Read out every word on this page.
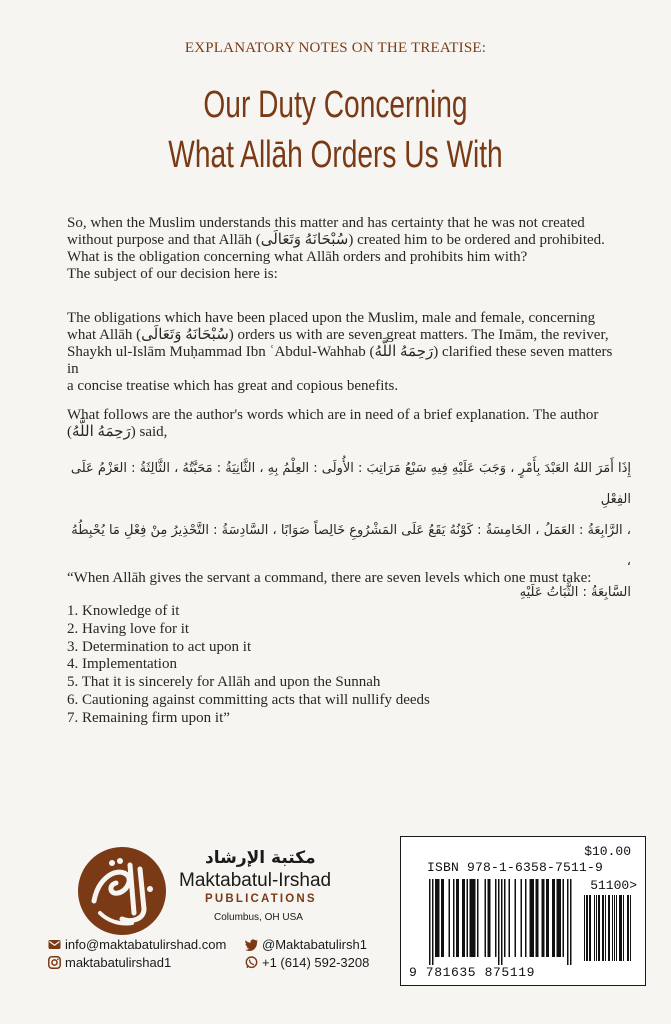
EXPLANATORY NOTES ON THE TREATISE:
Our Duty Concerning
What Allāh Orders Us With
So, when the Muslim understands this matter and has certainty that he was not created
without purpose and that Allāh (سُبْحَانَهُ وَتَعَالَى) created him to be ordered and prohibited.
What is the obligation concerning what Allāh orders and prohibits him with?
The subject of our decision here is:
The obligations which have been placed upon the Muslim, male and female, concerning
what Allāh (سُبْحَانَهُ وَتَعَالَى) orders us with are seven great matters. The Imām, the reviver,
Shaykh ul-Islām Muḥammad Ibn ʿAbdul-Wahhab (رَحِمَهُ اللَّهُ) clarified these seven matters in
a concise treatise which has great and copious benefits.
What follows are the author's words which are in need of a brief explanation. The author
(رَحِمَهُ اللَّهُ) said,
إِذَا أَمَرَ اللهُ العَبْدَ بِأَمْرٍ ، وَجَبَ عَلَيْهِ فِيهِ سَبْعُ مَرَاتِبَ : الأُولَى : العِلْمُ بِهِ ، الثَّانِيَةُ : مَحَبَّتُهُ ، الثَّالِثَةُ : العَزْمُ عَلَى الفِعْلِ
، الرَّابِعَةُ : العَمَلُ ، الخَامِسَةُ : كَوْنُهُ يَقَعُ عَلَى المَشْرُوعِ خَالِصاً صَوَابًا ، السَّادِسَةُ : التَّحْذِيرُ مِنْ فِعْلِ مَا يُحْبِطُهُ ،
السَّابِعَةُ : الثَّبَاتُ عَلَيْهِ
“When Allāh gives the servant a command, there are seven levels which one must take:
1. Knowledge of it
2. Having love for it
3. Determination to act upon it
4. Implementation
5. That it is sincerely for Allāh and upon the Sunnah
6. Cautioning against committing acts that will nullify deeds
7. Remaining firm upon it”
مكتبة الإرشاد
Maktabatul-Irshad
PUBLICATIONS
Columbus, OH USA
info@maktabatulirshad.com
maktabatulirshad1
@Maktabatulirsh1
+1 (614) 592-3208
$10.00
ISBN 978-1-6358-7511-9
51100>
9 781635 875119
